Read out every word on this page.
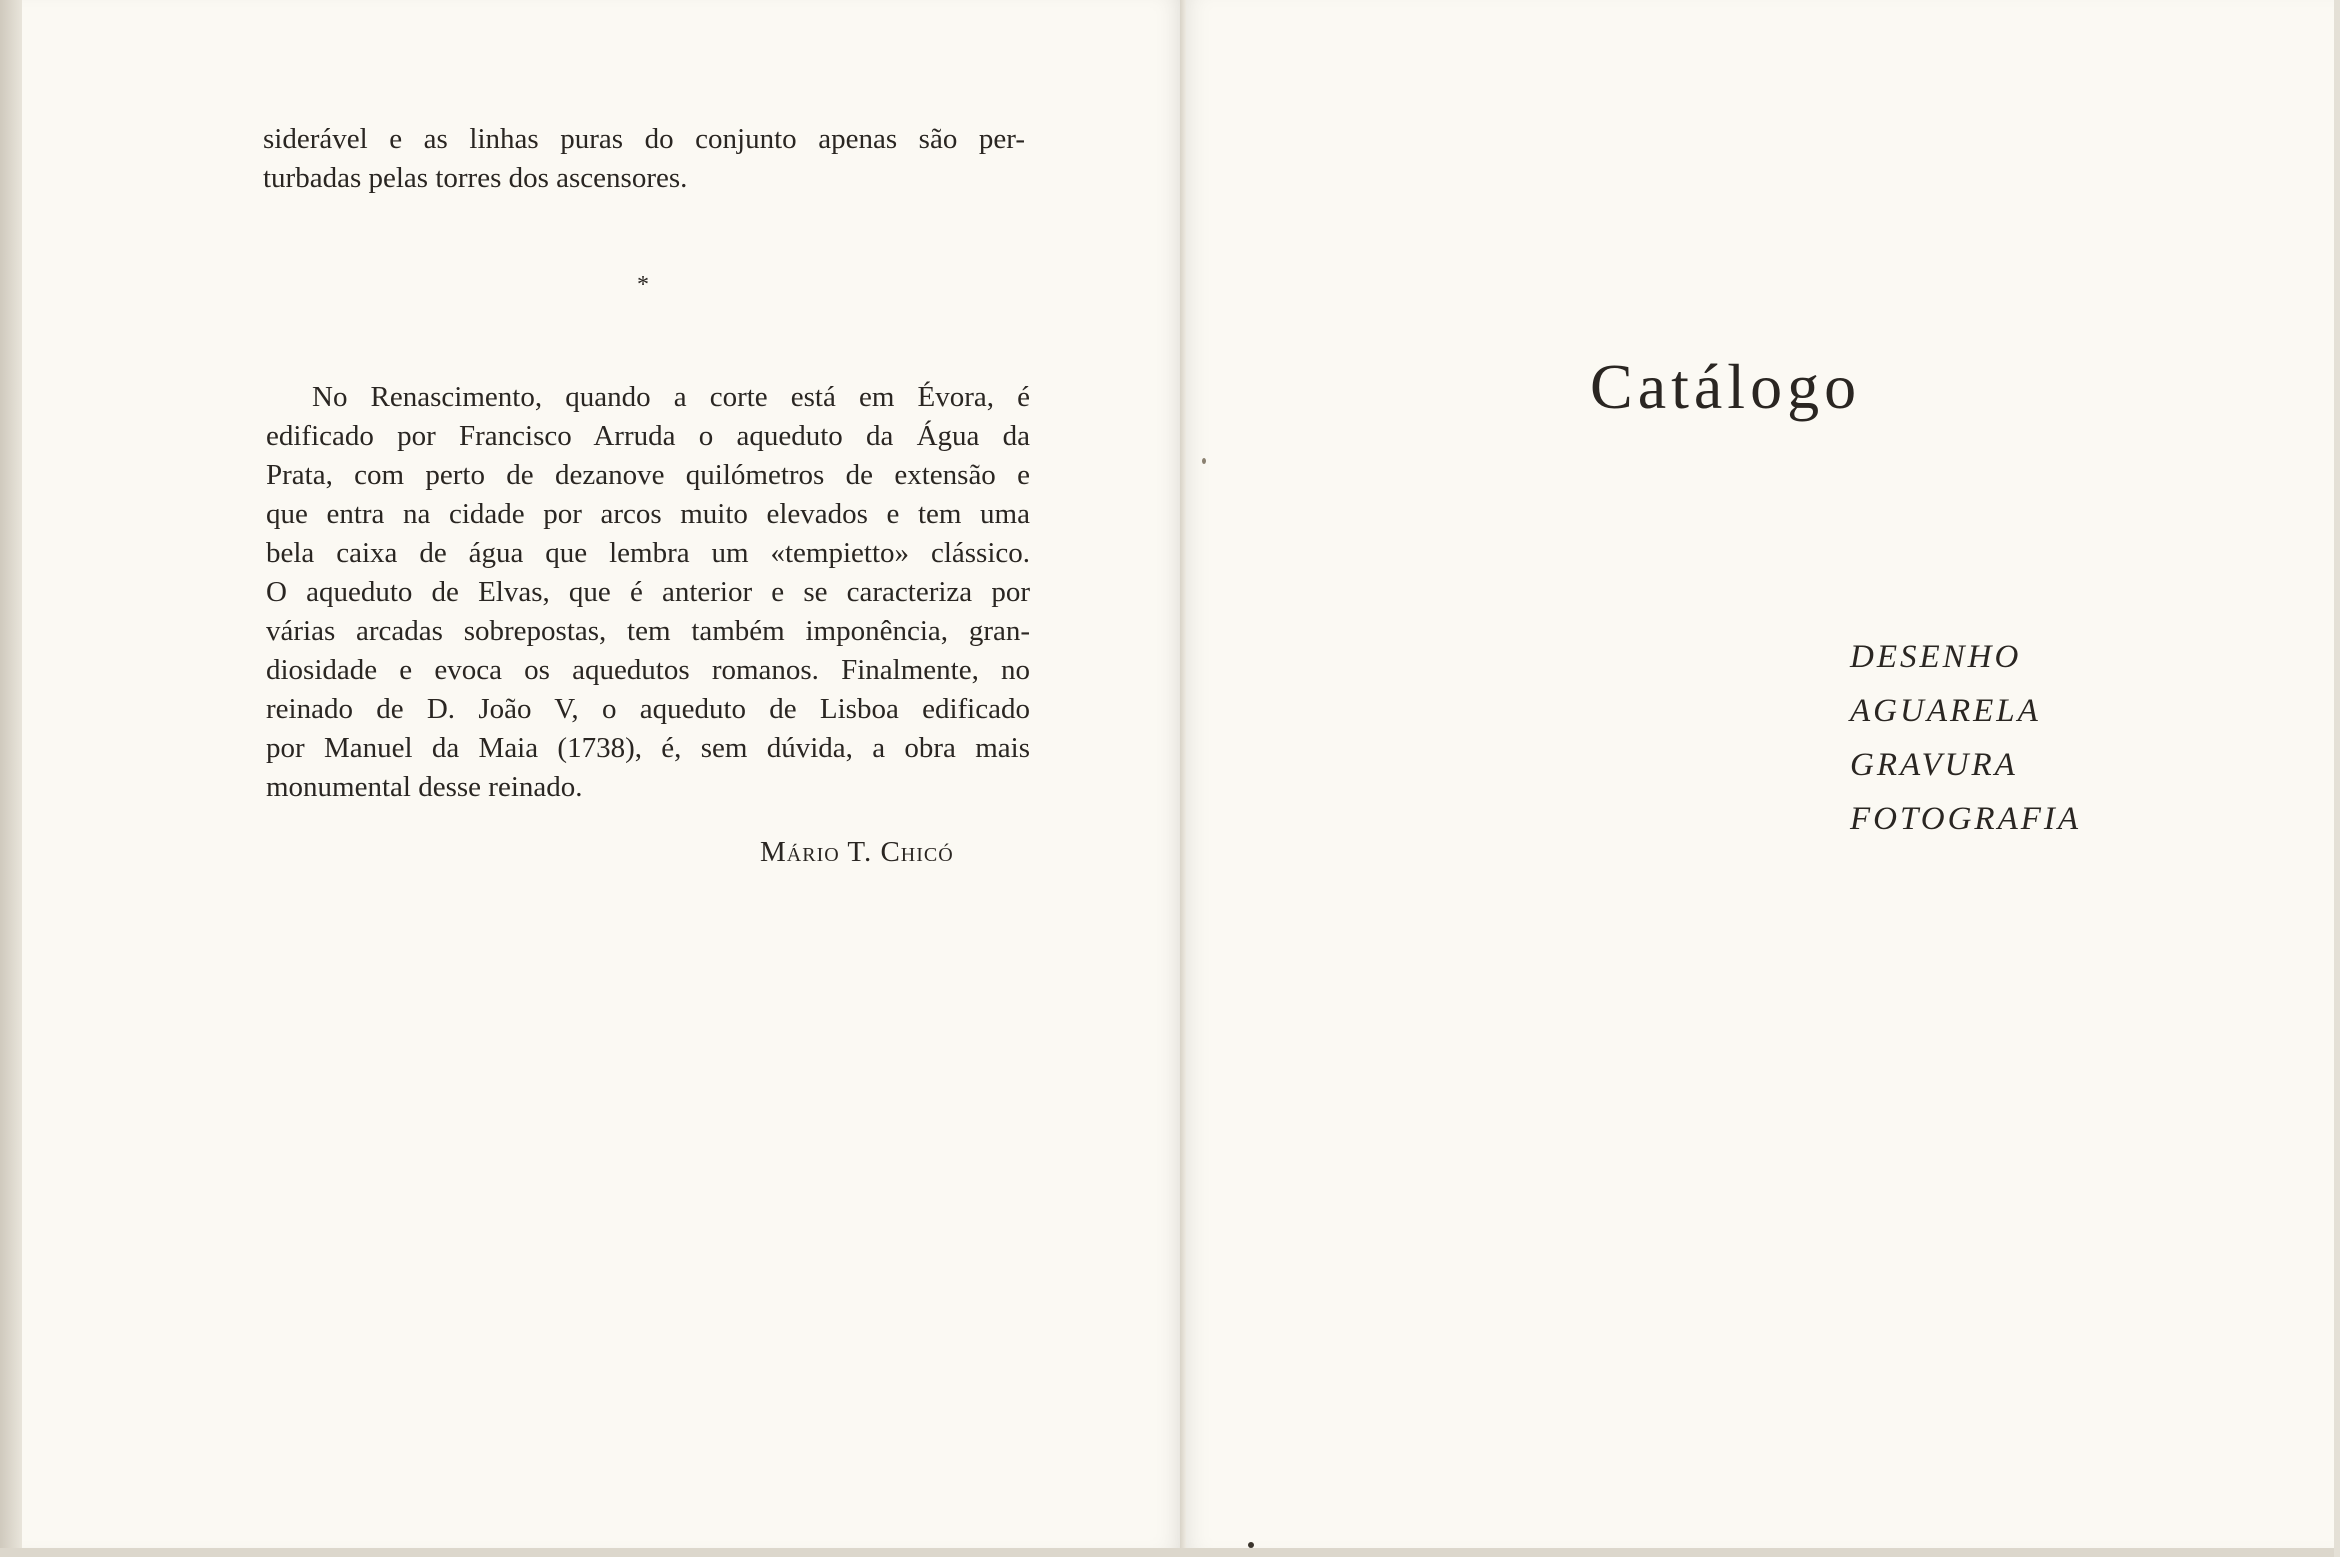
siderável e as linhas puras do conjunto apenas são per-
turbadas pelas torres dos ascensores.
*
No Renascimento, quando a corte está em Évora, é
edificado por Francisco Arruda o aqueduto da Água da
Prata, com perto de dezanove quilómetros de extensão e
que entra na cidade por arcos muito elevados e tem uma
bela caixa de água que lembra um «tempietto» clássico.
O aqueduto de Elvas, que é anterior e se caracteriza por
várias arcadas sobrepostas, tem também imponência, gran-
diosidade e evoca os aquedutos romanos. Finalmente, no
reinado de D. João V, o aqueduto de Lisboa edificado
por Manuel da Maia (1738), é, sem dúvida, a obra mais
monumental desse reinado.
Mário T. Chicó
Catálogo
DESENHO
AGUARELA
GRAVURA
FOTOGRAFIA
